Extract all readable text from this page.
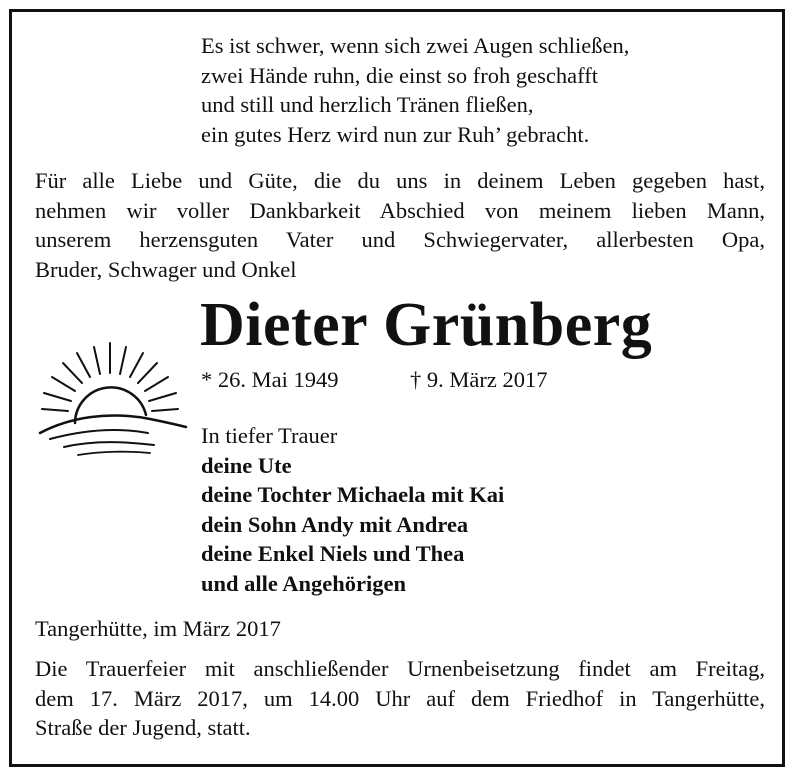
Es ist schwer, wenn sich zwei Augen schließen,
zwei Hände ruhn, die einst so froh geschafft
und still und herzlich Tränen fließen,
ein gutes Herz wird nun zur Ruh’ gebracht.
Für alle Liebe und Güte, die du uns in deinem Leben gegeben hast,
nehmen wir voller Dankbarkeit Abschied von meinem lieben Mann,
unserem herzensguten Vater und Schwiegervater, allerbesten Opa,
Bruder, Schwager und Onkel
Dieter Grünberg
* 26. Mai 1949	† 9. März 2017
In tiefer Trauer
deine Ute
deine Tochter Michaela mit Kai
dein Sohn Andy mit Andrea
deine Enkel Niels und Thea
und alle Angehörigen
Tangerhütte, im März 2017
Die Trauerfeier mit anschließender Urnenbeisetzung findet am Freitag,
dem 17. März 2017, um 14.00 Uhr auf dem Friedhof in Tangerhütte,
Straße der Jugend, statt.
